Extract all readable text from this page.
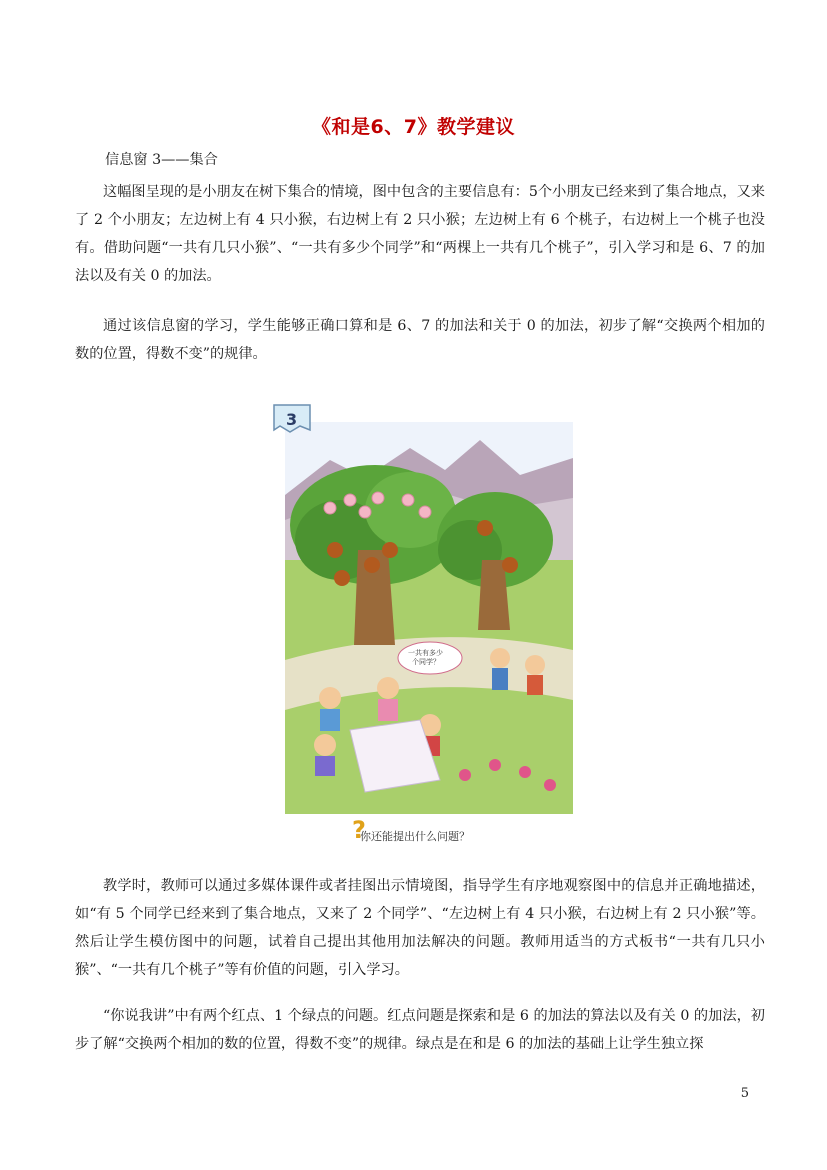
《和是6、7》教学建议
信息窗 3——集合

这幅图呈现的是小朋友在树下集合的情境，图中包含的主要信息有：5个小朋友已经来到了集合地点，又来了 2 个小朋友；左边树上有 4 只小猴，右边树上有 2 只小猴；左边树上有 6 个桃子，右边树上一个桃子也没有。借助问题“一共有几只小猴”、“一共有多少个同学”和“两棵上一共有几个桃子”，引入学习和是 6、7 的加法以及有关 0 的加法。

通过该信息窗的学习，学生能够正确口算和是 6、7 的加法和关于 0 的加法，初步了解“交换两个相加的数的位置，得数不变”的规律。

3
一共有多少个同学？
?
你还能提出什么问题？

教学时，教师可以通过多媒体课件或者挂图出示情境图，指导学生有序地观察图中的信息并正确地描述，如“有 5 个同学已经来到了集合地点，又来了 2 个同学”、“左边树上有 4 只小猴，右边树上有 2 只小猴”等。然后让学生模仿图中的问题，试着自己提出其他用加法解决的问题。教师用适当的方式板书“一共有几只小猴”、“一共有几个桃子”等有价值的问题，引入学习。

“你说我讲”中有两个红点、1 个绿点的问题。红点问题是探索和是 6 的加法的算法以及有关 0 的加法，初步了解“交换两个相加的数的位置，得数不变”的规律。绿点是在和是 6 的加法的基础上让学生独立探

5
